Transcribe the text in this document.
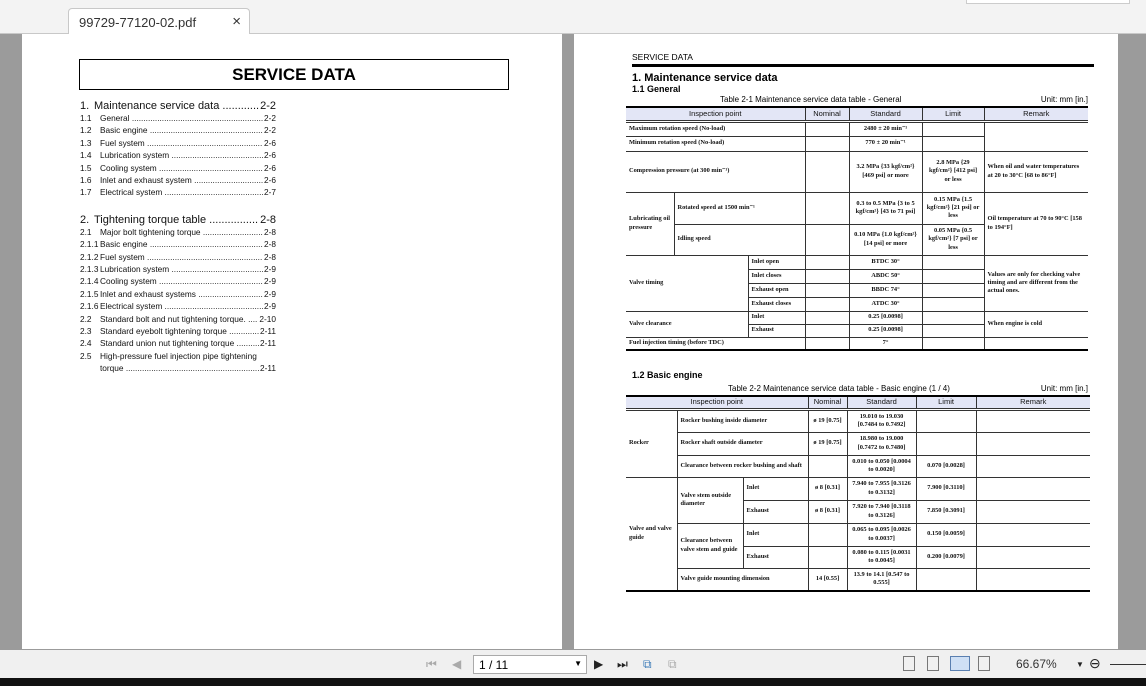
99729-77120-02.pdf ×
SERVICE DATA
1. Maintenance service data .....	2-2
1.1	General .....	2-2
1.2	Basic engine .....	2-2
1.3	Fuel system .....	2-6
1.4	Lubrication system .....	2-6
1.5	Cooling system .....	2-6
1.6	Inlet and exhaust system .....	2-6
1.7	Electrical system .....	2-7
2. Tightening torque table .....	2-8
2.1	Major bolt tightening torque .....	2-8
2.1.1 Basic engine .....	2-8
2.1.2 Fuel system .....	2-8
2.1.3 Lubrication system .....	2-9
2.1.4 Cooling system .....	2-9
2.1.5 Inlet and exhaust systems .....	2-9
2.1.6 Electrical system .....	2-9
2.2	Standard bolt and nut tightening torque. .....	2-10
2.3	Standard eyebolt tightening torque .....	2-11
2.4	Standard union nut tightening torque .....	2-11
2.5	High-pressure fuel injection pipe tightening
torque .....	2-11
SERVICE DATA
1. Maintenance service data
1.1 General
Table 2-1 Maintenance service data table - General	Unit: mm [in.]
Inspection point			Nominal	Standard	Limit	Remark
Maximum rotation speed (No-load)				2480 ± 20 min⁻¹		
Minimum rotation speed (No-load)				770 ± 20 min⁻¹		
Compression pressure (at 300 min⁻¹)				3.2 MPa {33 kgf/cm²} [469 psi] or more	2.8 MPa {29 kgf/cm²} [412 psi] or less	When oil and water temperatures at 20 to 30°C [68 to 86°F]
Lubricating oil pressure	Rotated speed at 1500 min⁻¹			0.3 to 0.5 MPa {3 to 5 kgf/cm²} [43 to 71 psi]	0.15 MPa {1.5 kgf/cm²} [21 psi] or less	Oil temperature at 70 to 90°C [158 to 194°F]
	Idling speed			0.10 MPa {1.0 kgf/cm²} [14 psi] or more	0.05 MPa {0.5 kgf/cm²} [7 psi] or less	
Valve timing		Inlet open		BTDC 30°		Values are only for checking valve timing and are different from the actual ones.
		Inlet closes		ABDC 50°		
		Exhaust open		BBDC 74°		
		Exhaust closes		ATDC 30°		
Valve clearance		Inlet		0.25 [0.0098]		When engine is cold
		Exhaust		0.25 [0.0098]		
Fuel injection timing (before TDC)				7°		
1.2 Basic engine
Table 2-2 Maintenance service data table - Basic engine (1 / 4)	Unit: mm [in.]
Inspection point			Nominal	Standard	Limit	Remark
Rocker	Rocker bushing inside diameter		ø 19 [0.75]	19.010 to 19.030 [0.7484 to 0.7492]		
	Rocker shaft outside diameter		ø 19 [0.75]	18.980 to 19.000 [0.7472 to 0.7480]		
	Clearance between rocker bushing and shaft			0.010 to 0.050 [0.0004 to 0.0020]	0.070 [0.0028]	
Valve and valve guide	Valve stem outside diameter	Inlet	ø 8 [0.31]	7.940 to 7.955 [0.3126 to 0.3132]	7.900 [0.3110]	
		Exhaust	ø 8 [0.31]	7.920 to 7.940 [0.3118 to 0.3126]	7.850 [0.3091]	
	Clearance between valve stem and guide	Inlet		0.065 to 0.095 [0.0026 to 0.0037]	0.150 [0.0059]	
		Exhaust		0.080 to 0.115 [0.0031 to 0.0045]	0.200 [0.0079]	
	Valve guide mounting dimension		14 [0.55]	13.9 to 14.1 [0.547 to 0.555]		
⏮ ◀	1 / 11	▼ ▶ ⏭ ⧉ ⧉	66.67% ▼ ⊖
